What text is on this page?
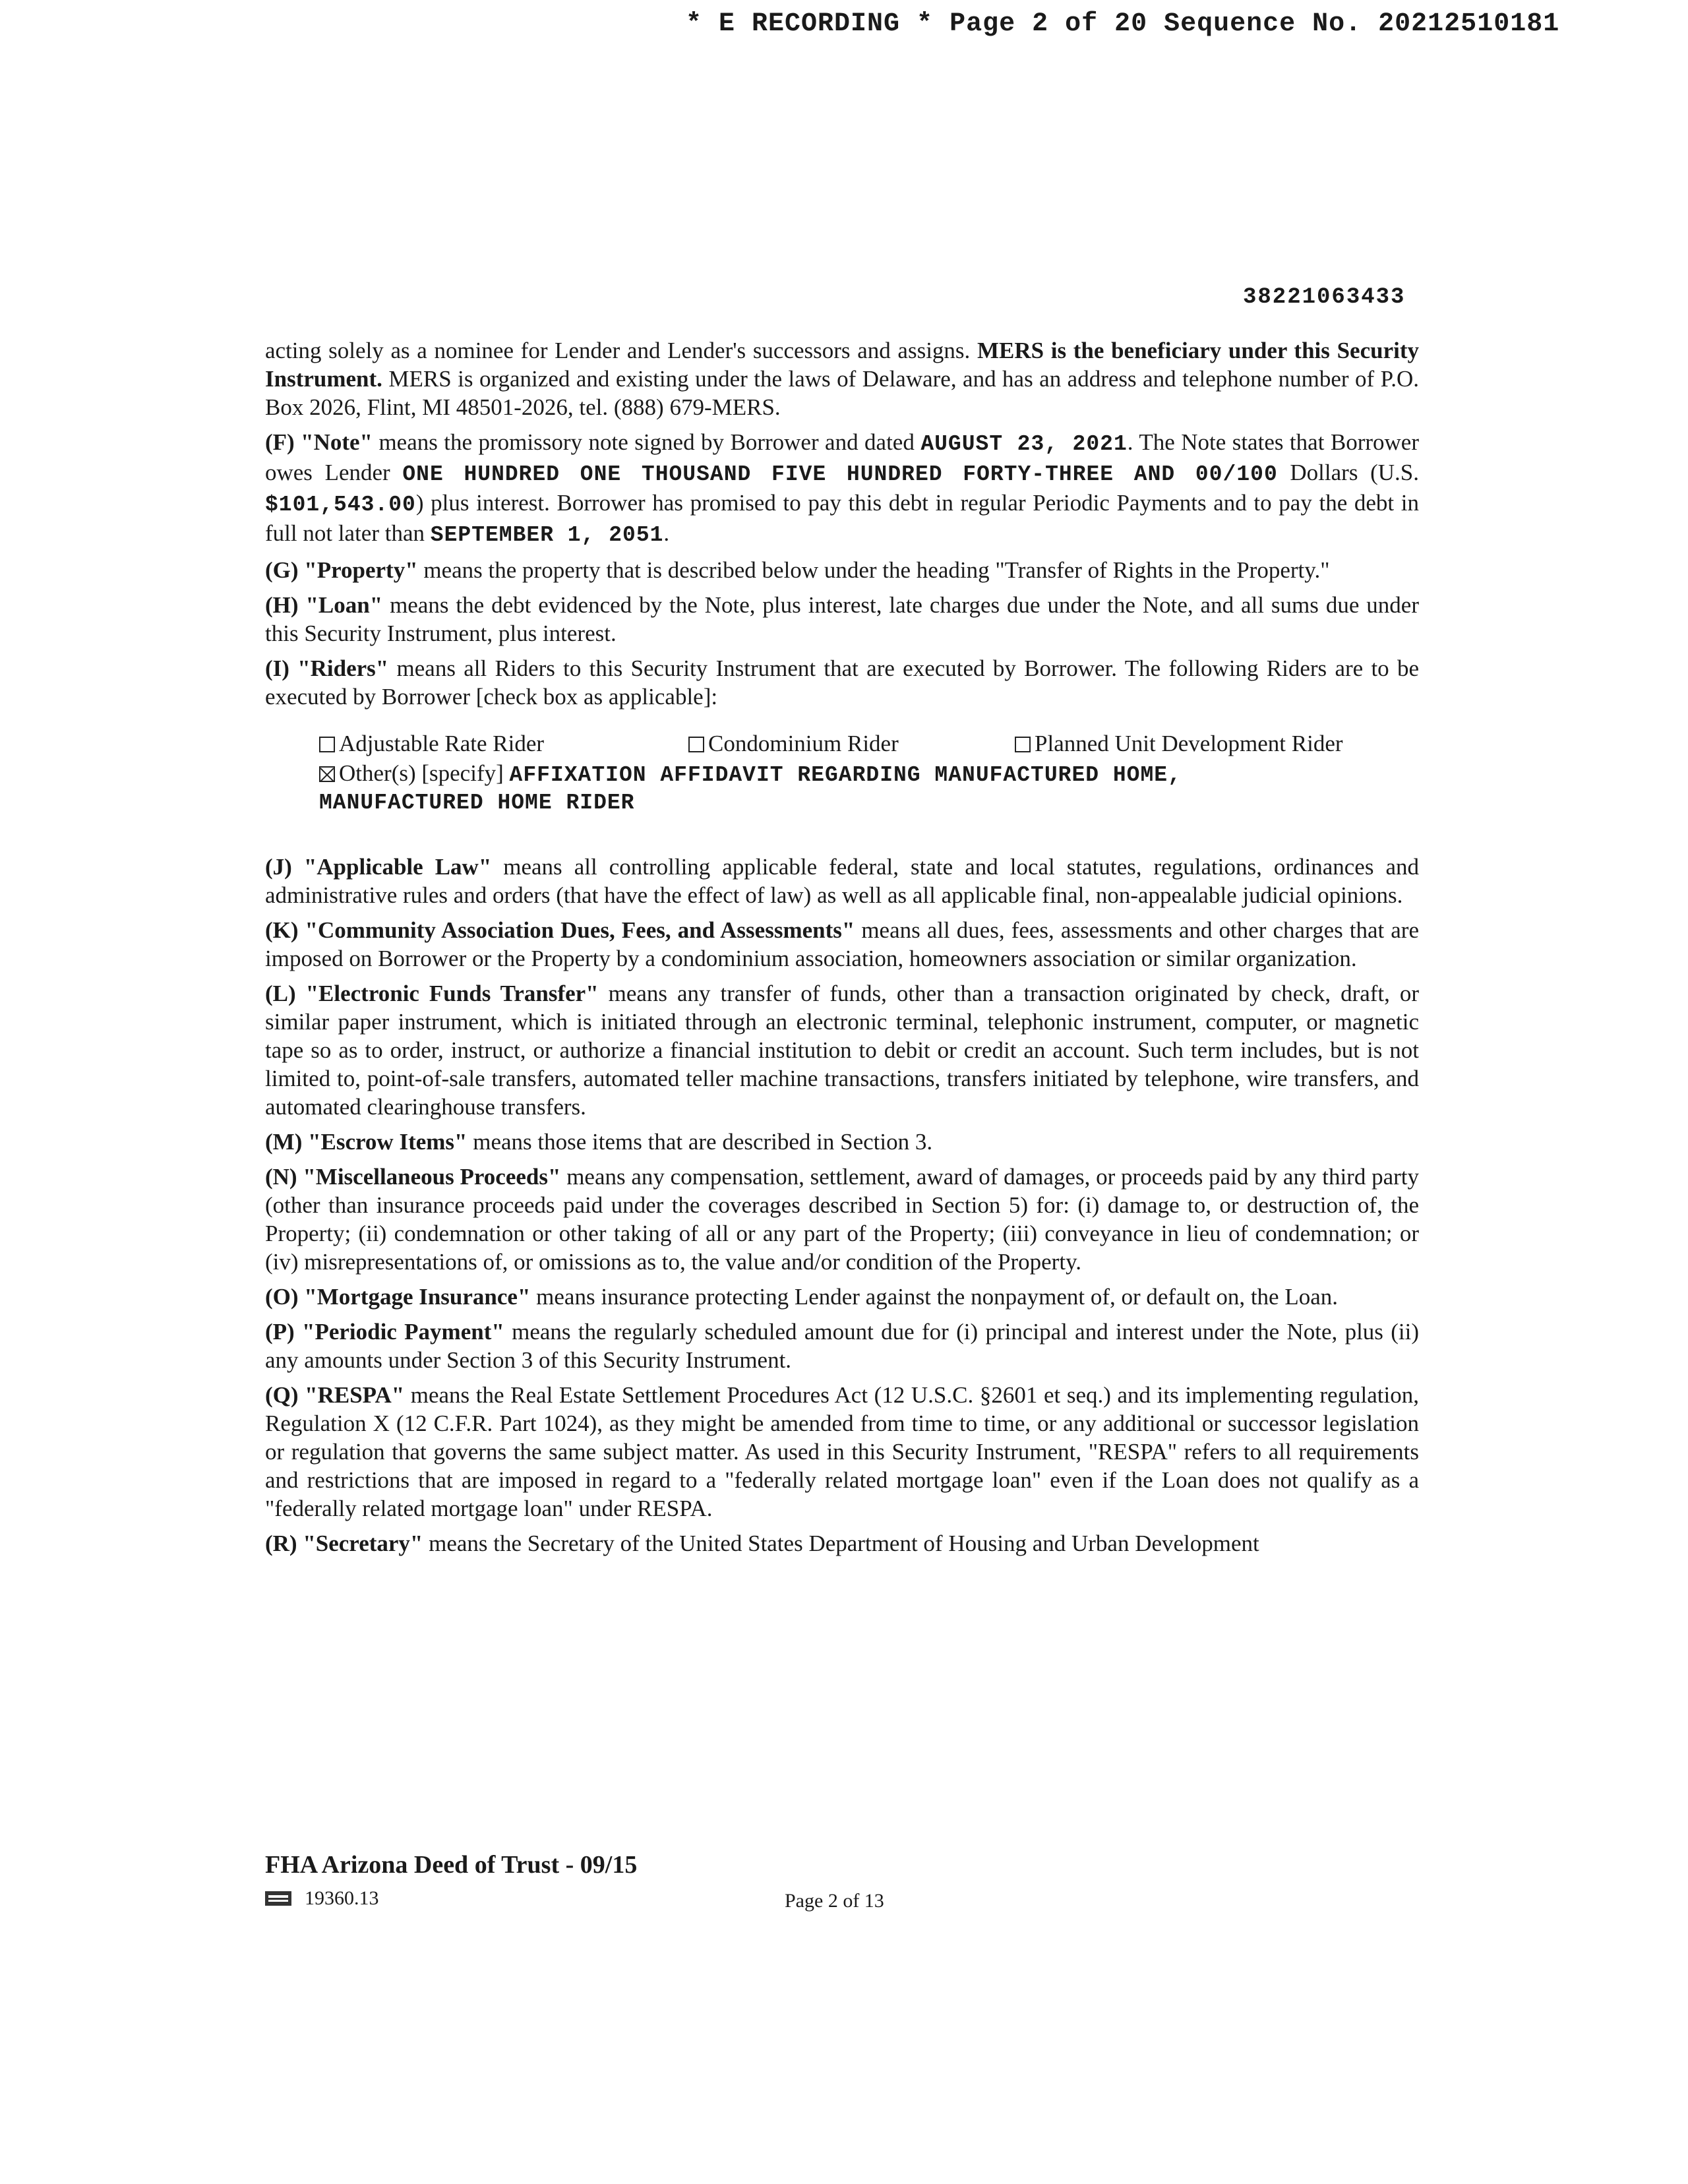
* E RECORDING * Page 2 of 20 Sequence No. 20212510181
38221063433

acting solely as a nominee for Lender and Lender's successors and assigns. MERS is the beneficiary under this Security Instrument. MERS is organized and existing under the laws of Delaware, and has an address and telephone number of P.O. Box 2026, Flint, MI 48501-2026, tel. (888) 679-MERS.

(F) "Note" means the promissory note signed by Borrower and dated AUGUST 23, 2021. The Note states that Borrower owes Lender ONE HUNDRED ONE THOUSAND FIVE HUNDRED FORTY-THREE AND 00/100 Dollars (U.S. $101,543.00) plus interest. Borrower has promised to pay this debt in regular Periodic Payments and to pay the debt in full not later than SEPTEMBER 1, 2051.

(G) "Property" means the property that is described below under the heading "Transfer of Rights in the Property."

(H) "Loan" means the debt evidenced by the Note, plus interest, late charges due under the Note, and all sums due under this Security Instrument, plus interest.

(I) "Riders" means all Riders to this Security Instrument that are executed by Borrower. The following Riders are to be executed by Borrower [check box as applicable]:

Adjustable Rate Rider	Condominium Rider	Planned Unit Development Rider
Other(s) [specify]
AFFIXATION AFFIDAVIT REGARDING MANUFACTURED HOME,
MANUFACTURED HOME RIDER

(J) "Applicable Law" means all controlling applicable federal, state and local statutes, regulations, ordinances and administrative rules and orders (that have the effect of law) as well as all applicable final, non-appealable judicial opinions.

(K) "Community Association Dues, Fees, and Assessments" means all dues, fees, assessments and other charges that are imposed on Borrower or the Property by a condominium association, homeowners association or similar organization.

(L) "Electronic Funds Transfer" means any transfer of funds, other than a transaction originated by check, draft, or similar paper instrument, which is initiated through an electronic terminal, telephonic instrument, computer, or magnetic tape so as to order, instruct, or authorize a financial institution to debit or credit an account. Such term includes, but is not limited to, point-of-sale transfers, automated teller machine transactions, transfers initiated by telephone, wire transfers, and automated clearinghouse transfers.

(M) "Escrow Items" means those items that are described in Section 3.

(N) "Miscellaneous Proceeds" means any compensation, settlement, award of damages, or proceeds paid by any third party (other than insurance proceeds paid under the coverages described in Section 5) for: (i) damage to, or destruction of, the Property; (ii) condemnation or other taking of all or any part of the Property; (iii) conveyance in lieu of condemnation; or (iv) misrepresentations of, or omissions as to, the value and/or condition of the Property.

(O) "Mortgage Insurance" means insurance protecting Lender against the nonpayment of, or default on, the Loan.

(P) "Periodic Payment" means the regularly scheduled amount due for (i) principal and interest under the Note, plus (ii) any amounts under Section 3 of this Security Instrument.

(Q) "RESPA" means the Real Estate Settlement Procedures Act (12 U.S.C. §2601 et seq.) and its implementing regulation, Regulation X (12 C.F.R. Part 1024), as they might be amended from time to time, or any additional or successor legislation or regulation that governs the same subject matter. As used in this Security Instrument, "RESPA" refers to all requirements and restrictions that are imposed in regard to a "federally related mortgage loan" even if the Loan does not qualify as a "federally related mortgage loan" under RESPA.

(R) "Secretary" means the Secretary of the United States Department of Housing and Urban Development

FHA Arizona Deed of Trust - 09/15
19360.13	Page 2 of 13
